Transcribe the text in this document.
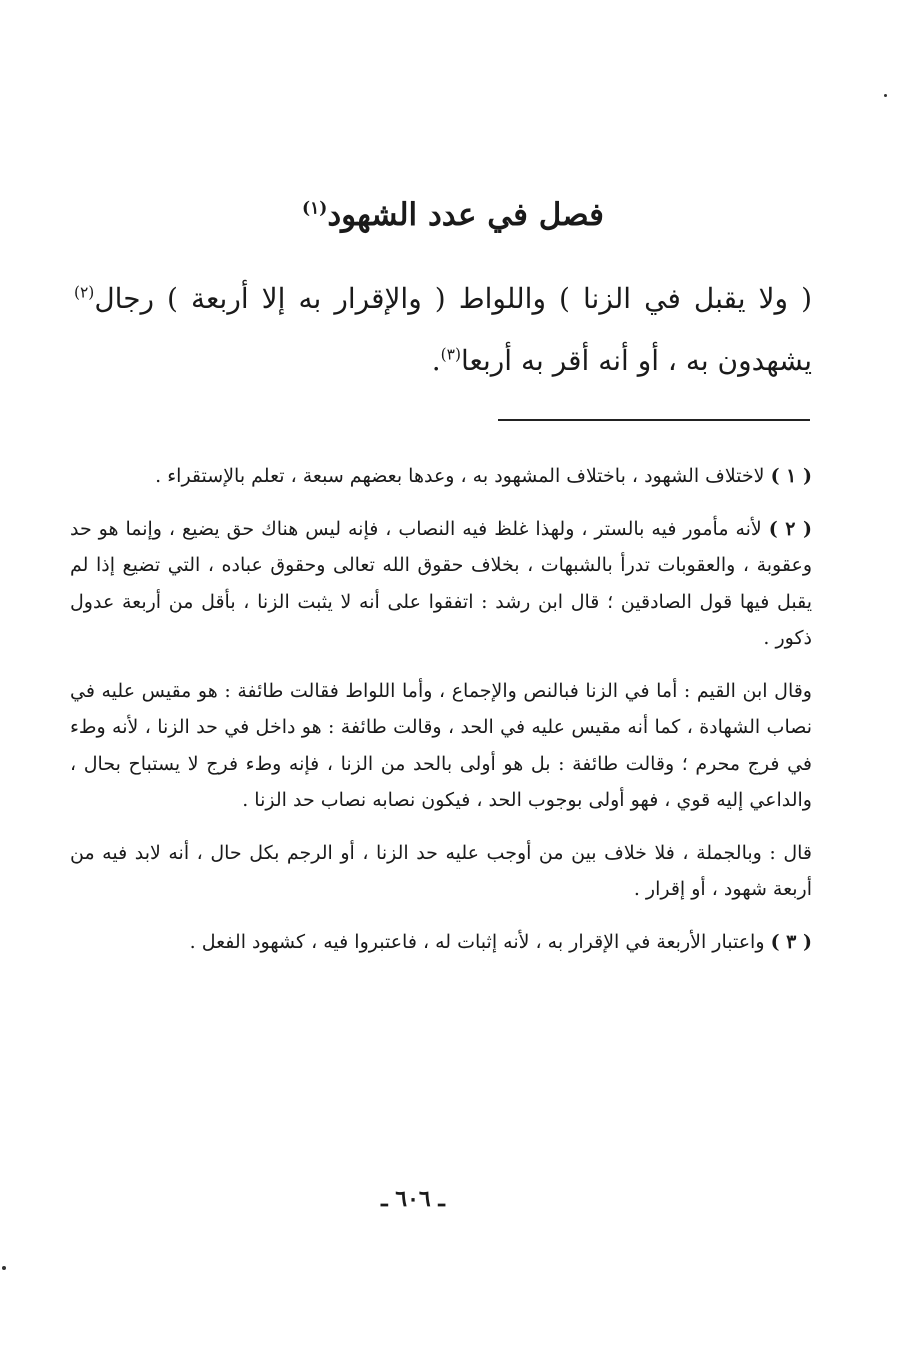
فصل في عدد الشهود$^{(١)}$
( ولا يقبل في الزنا ) واللواط ( والإقرار به إلا أربعة ) رجال$^{(٢)}$ يشهدون به ، أو أنه أقر به أربعا$^{(٣)}$.

( ١ ) لاختلاف الشهود ، باختلاف المشهود به ، وعدها بعضهم سبعة ، تعلم بالإستقراء .

( ٢ ) لأنه مأمور فيه بالستر ، ولهذا غلظ فيه النصاب ، فإنه ليس هناك حق يضيع ، وإنما هو حد وعقوبة ، والعقوبات تدرأ بالشبهات ، بخلاف حقوق الله تعالى وحقوق عباده ، التي تضيع إذا لم يقبل فيها قول الصادقين ؛ قال ابن رشد : اتفقوا على أنه لا يثبت الزنا ، بأقل من أربعة عدول ذكور .

وقال ابن القيم : أما في الزنا فبالنص والإجماع ، وأما اللواط فقالت طائفة : هو مقيس عليه في نصاب الشهادة ، كما أنه مقيس عليه في الحد ، وقالت طائفة : هو داخل في حد الزنا ، لأنه وطء في فرج محرم ؛ وقالت طائفة : بل هو أولى بالحد من الزنا ، فإنه وطء فرج لا يستباح بحال ، والداعي إليه قوي ، فهو أولى بوجوب الحد ، فيكون نصابه نصاب حد الزنا .

قال : وبالجملة ، فلا خلاف بين من أوجب عليه حد الزنا ، أو الرجم بكل حال ، أنه لابد فيه من أربعة شهود ، أو إقرار .

( ٣ ) واعتبار الأربعة في الإقرار به ، لأنه إثبات له ، فاعتبروا فيه ، كشهود الفعل .

ـ ٦٠٦ ـ
